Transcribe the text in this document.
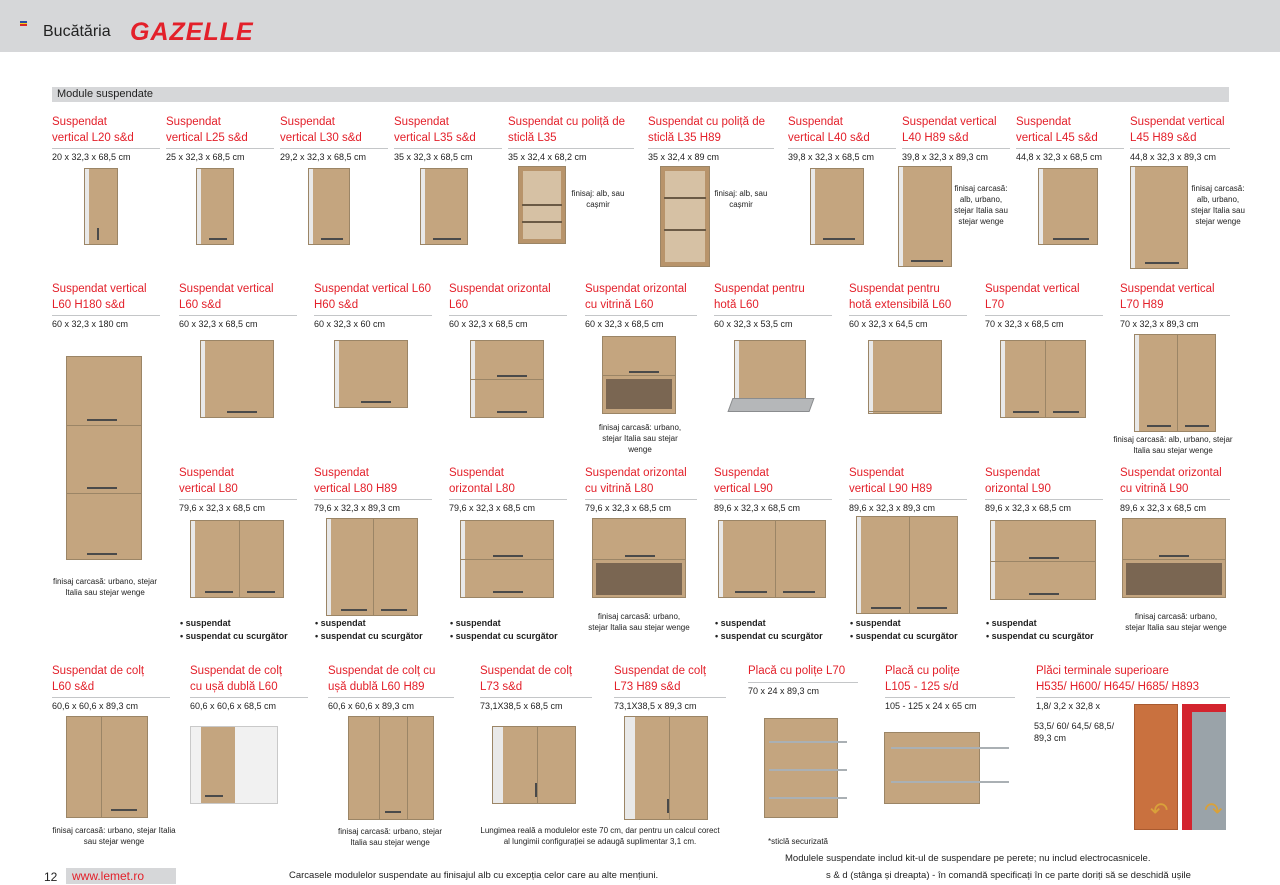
Bucătăria GAZELLE
Module suspendate
Suspendat
vertical L20 s&d
20 x 32,3 x 68,5 cm
Suspendat
vertical L25 s&d
25 x 32,3 x 68,5 cm
Suspendat
vertical L30 s&d
29,2 x 32,3 x 68,5 cm
Suspendat
vertical L35 s&d
35 x 32,3 x 68,5 cm
Suspendat cu poliță de
sticlă L35
35 x 32,4 x 68,2 cm
Suspendat cu poliță de
sticlă L35 H89
35 x 32,4 x 89 cm
Suspendat
vertical L40 s&d
39,8 x 32,3 x 68,5 cm
Suspendat vertical
L40 H89 s&d
39,8 x 32,3 x 89,3 cm
Suspendat
vertical L45 s&d
44,8 x 32,3 x 68,5 cm
Suspendat vertical
L45 H89 s&d
44,8 x 32,3 x 89,3 cm
finisaj: alb, sau cașmir
finisaj: alb, sau cașmir
finisaj carcasă: alb, urbano, stejar Italia sau stejar wenge
finisaj carcasă: alb, urbano, stejar Italia sau stejar wenge
Suspendat vertical
L60 H180 s&d
60 x 32,3 x 180 cm
Suspendat vertical
L60 s&d
60 x 32,3 x 68,5 cm
Suspendat vertical L60
H60 s&d
60 x 32,3 x 60 cm
Suspendat orizontal
L60
60 x 32,3 x 68,5 cm
Suspendat orizontal
cu vitrină L60
60 x 32,3 x 68,5 cm
Suspendat pentru
hotă L60
60 x 32,3 x 53,5 cm
Suspendat pentru
hotă extensibilă L60
60 x 32,3 x 64,5 cm
Suspendat vertical
L70
70 x 32,3 x 68,5 cm
Suspendat vertical
L70 H89
70 x 32,3 x 89,3 cm
finisaj carcasă: urbano, stejar Italia sau stejar wenge
finisaj carcasă: urbano, stejar Italia sau stejar wenge
finisaj carcasă: alb, urbano, stejar Italia sau stejar wenge
Suspendat
vertical L80
79,6 x 32,3 x 68,5 cm
Suspendat
vertical L80 H89
79,6 x 32,3 x 89,3 cm
Suspendat
orizontal L80
79,6 x 32,3 x 68,5 cm
Suspendat orizontal
cu vitrină L80
79,6 x 32,3 x 68,5 cm
Suspendat
vertical L90
89,6 x 32,3 x 68,5 cm
Suspendat
vertical L90 H89
89,6 x 32,3 x 89,3 cm
Suspendat
orizontal L90
89,6 x 32,3 x 68,5 cm
Suspendat orizontal
cu vitrină L90
89,6 x 32,3 x 68,5 cm
• suspendat
• suspendat cu scurgător
• suspendat
• suspendat cu scurgător
• suspendat
• suspendat cu scurgător
finisaj carcasă: urbano, stejar Italia sau stejar wenge	• suspendat
• suspendat cu scurgător
• suspendat
• suspendat cu scurgător
• suspendat
• suspendat cu scurgător
finisaj carcasă: urbano, stejar Italia sau stejar wenge
Suspendat de colț
L60 s&d
60,6 x 60,6 x 89,3 cm
Suspendat de colț
cu ușă dublă L60
60,6 x 60,6 x 68,5 cm
Suspendat de colț cu
ușă dublă L60 H89
60,6 x 60,6 x 89,3 cm
Suspendat de colț
L73 s&d
73,1X38,5 x 68,5 cm
Suspendat de colț
L73 H89 s&d
73,1X38,5 x 89,3 cm
Placă cu polițe L70
70 x 24 x 89,3 cm
Placă cu polițe
L105 - 125 s/d
105 - 125 x 24 x 65 cm
Plăci terminale superioare
H535/ H600/ H645/ H685/ H893
1,8/ 3,2 x 32,8 x
finisaj carcasă: urbano, stejar Italia sau stejar wenge
finisaj carcasă: urbano, stejar Italia sau stejar wenge
Lungimea reală a modulelor este 70 cm, dar pentru un calcul corect al lungimii configurației se adaugă suplimentar 3,1 cm.	*sticlă securizată
53,5/ 60/ 64,5/ 68,5/ 89,3 cm
↶ ↷
12	www.lemet.ro	Carcasele modulelor suspendate au finisajul alb cu excepția celor care au alte mențiuni.
Modulele suspendate includ kit-ul de suspendare pe perete; nu includ electrocasnicele.
s & d (stânga și dreapta) - în comandă specificați în ce parte doriți să se deschidă ușile
